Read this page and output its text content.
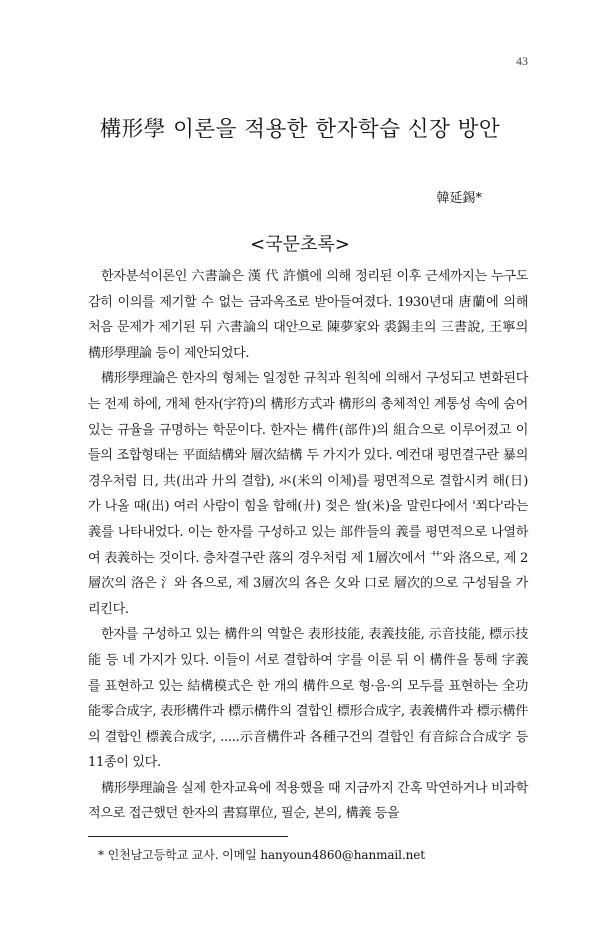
43
構形學 이론을 적용한 한자학습 신장 방안
韓延錫*
<국문초록>

한자분석이론인 六書論은 漢 代 許愼에 의해 정리된 이후 근세까지는 누구도 감히 이의를 제기할 수 없는 금과옥조로 받아들여졌다. 1930년대 唐蘭에 의해 처음 문제가 제기된 뒤 六書論의 대안으로 陳夢家와 裘錫圭의 三書說, 王寧의 構形學理論 등이 제안되었다.

構形學理論은 한자의 형체는 일정한 규칙과 원칙에 의해서 구성되고 변화된다는 전제 하에, 개체 한자(字符)의 構形方式과 構形의 총체적인 계통성 속에 숨어 있는 규율을 규명하는 학문이다. 한자는 構件(部件)의 組合으로 이루어졌고 이들의 조합형태는 平面結構와 層次結構 두 가지가 있다. 예컨대 평면결구란 暴의 경우처럼 日, 共(出과 廾의 결합), 氺(米의 이체)를 평면적으로 결합시켜 해(日)가 나올 때(出) 여러 사람이 힘을 합해(廾) 젖은 쌀(米)을 말린다에서 '쬐다'라는 義를 나타내었다. 이는 한자를 구성하고 있는 部件들의 義를 평면적으로 나열하여 表義하는 것이다. 층차결구란 落의 경우처럼 제 1層次에서 艹와 洛으로, 제 2層次의 洛은 氵와 各으로, 제 3層次의 各은 夂와 口로 層次的으로 구성됨을 가리킨다.

한자를 구성하고 있는 構件의 역할은 表形技能, 表義技能, 示音技能, 標示技能 등 네 가지가 있다. 이들이 서로 결합하여 字를 이룬 뒤 이 構件을 통해 字義를 표현하고 있는 結構模式은 한 개의 構件으로 형·음·의 모두를 표현하는 全功能零合成字, 表形構件과 標示構件의 결합인 標形合成字, 表義構件과 標示構件의 결합인 標義合成字, .....示音構件과 各種구건의 결합인 有音綜合合成字 등 11종이 있다.

構形學理論을 실제 한자교육에 적용했을 때 지금까지 간혹 막연하거나 비과학적으로 접근했던 한자의 書寫單位, 필순, 본의, 構義 등을

* 인천남고등학교 교사. 이메일 hanyoun4860@hanmail.net
